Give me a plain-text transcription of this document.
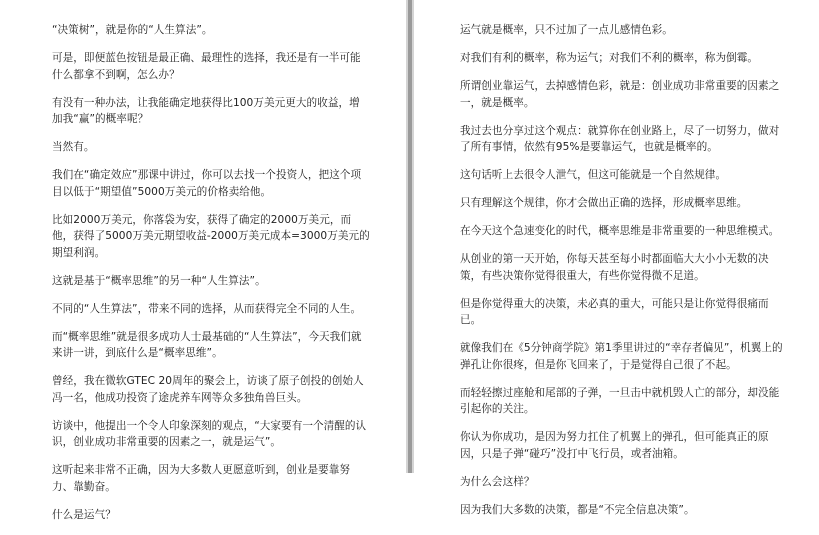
“决策树”，就是你的“人生算法”。

可是，即便蓝色按钮是最正确、最理性的选择，我还是有一半可能什么都拿不到啊，怎么办？

有没有一种办法，让我能确定地获得比100万美元更大的收益，增加我“赢”的概率呢？

当然有。

我们在“确定效应”那课中讲过，你可以去找一个投资人，把这个项目以低于“期望值”5000万美元的价格卖给他。

比如2000万美元，你落袋为安，获得了确定的2000万美元，而他，获得了5000万美元期望收益-2000万美元成本=3000万美元的期望利润。

这就是基于“概率思维”的另一种“人生算法”。

不同的“人生算法”，带来不同的选择，从而获得完全不同的人生。

而“概率思维”就是很多成功人士最基础的“人生算法”，今天我们就来讲一讲，到底什么是“概率思维”。

曾经，我在微软GTEC 20周年的聚会上，访谈了原子创投的创始人冯一名，他成功投资了途虎养车网等众多独角兽巨头。

访谈中，他提出一个令人印象深刻的观点，“大家要有一个清醒的认识，创业成功非常重要的因素之一，就是运气”。

这听起来非常不正确，因为大多数人更愿意听到，创业是要靠努力、靠勤奋。

什么是运气？

运气就是概率，只不过加了一点儿感情色彩。

对我们有利的概率，称为运气；对我们不利的概率，称为倒霉。

所谓创业靠运气，去掉感情色彩，就是：创业成功非常重要的因素之一，就是概率。

我过去也分享过这个观点：就算你在创业路上，尽了一切努力，做对了所有事情，依然有95%是要靠运气，也就是概率的。

这句话听上去很令人泄气，但这可能就是一个自然规律。

只有理解这个规律，你才会做出正确的选择，形成概率思维。

在今天这个急速变化的时代，概率思维是非常重要的一种思维模式。

从创业的第一天开始，你每天甚至每小时都面临大大小小无数的决策，有些决策你觉得很重大，有些你觉得微不足道。

但是你觉得重大的决策，未必真的重大，可能只是让你觉得很痛而已。

就像我们在《5分钟商学院》第1季里讲过的“幸存者偏见”，机翼上的弹孔让你很疼，但是你飞回来了，于是觉得自己很了不起。

而轻轻擦过座舱和尾部的子弹，一旦击中就机毁人亡的部分，却没能引起你的关注。

你认为你成功，是因为努力扛住了机翼上的弹孔，但可能真正的原因，只是子弹“碰巧”没打中飞行员，或者油箱。

为什么会这样？

因为我们大多数的决策，都是“不完全信息决策”。
